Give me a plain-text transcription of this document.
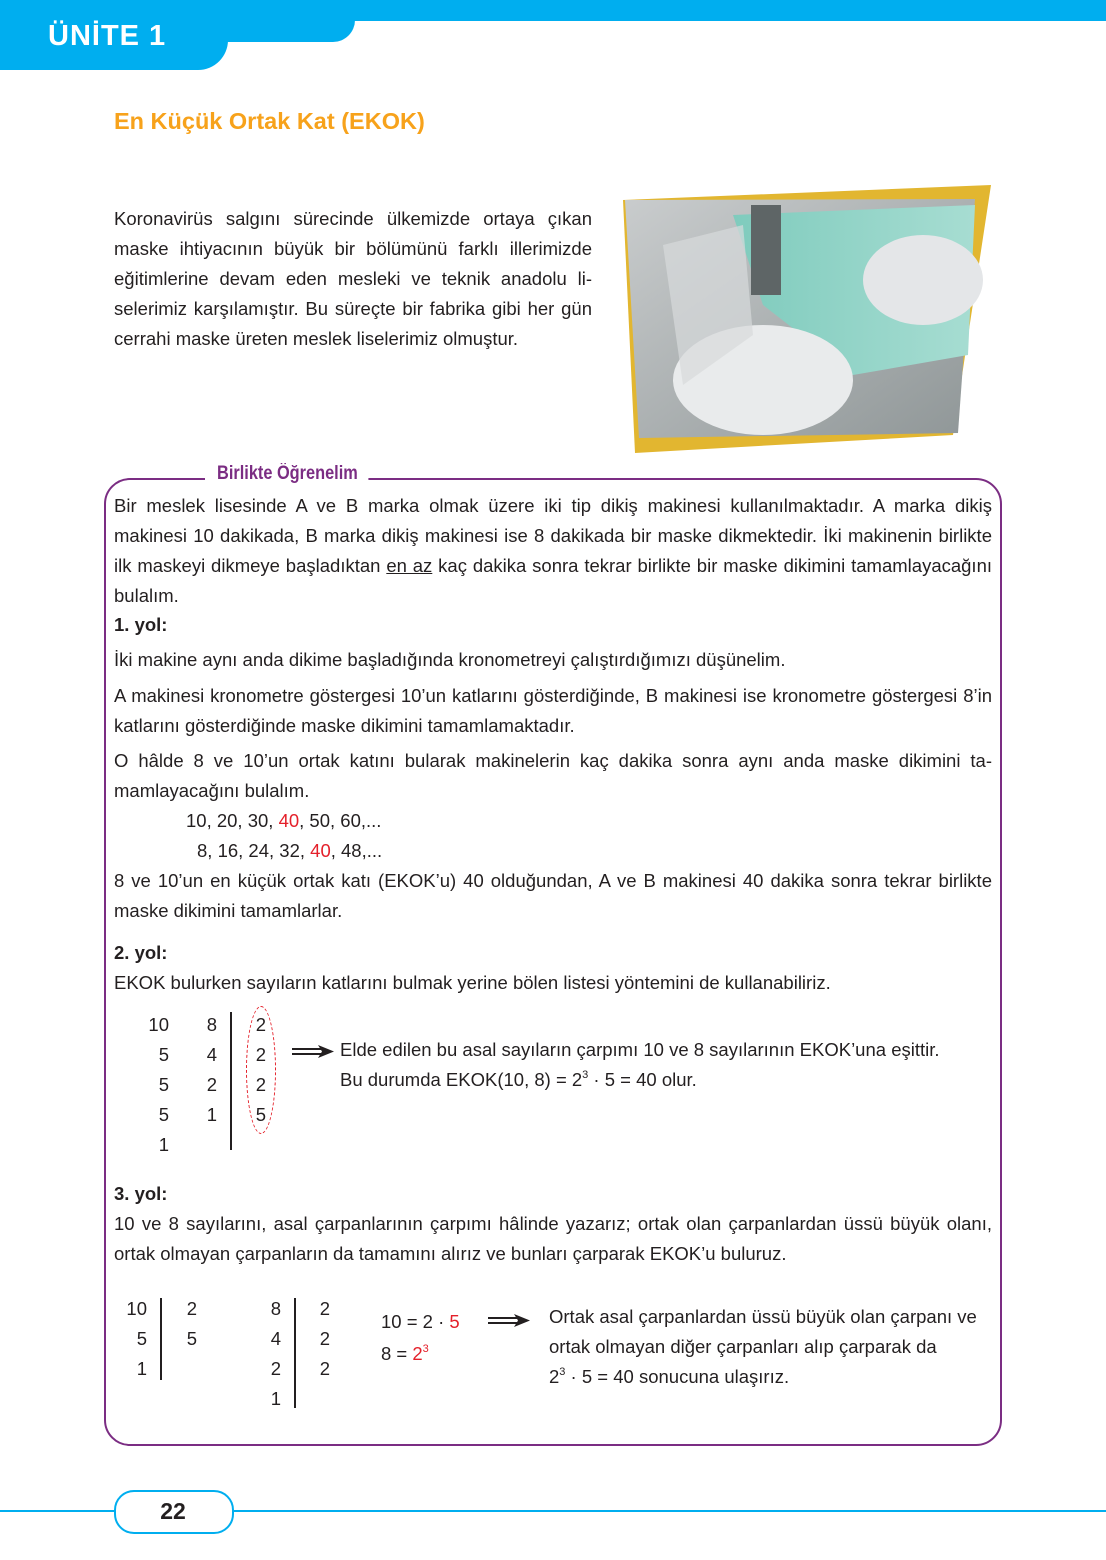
ÜNİTE 1
En Küçük Ortak Kat (EKOK)
Koronavirüs salgını sürecinde ülkemizde ortaya çıkan maske ihtiyacının büyük bir bölümünü farklı illerimizde eğitimlerine devam eden mesleki ve teknik anadolu li-selerimiz karşılamıştır. Bu süreçte bir fabrika gibi her gün cerrahi maske üreten meslek liselerimiz olmuştur.
Birlikte Öğrenelim
Bir meslek lisesinde A ve B marka olmak üzere iki tip dikiş makinesi kullanılmaktadır. A marka dikiş makinesi 10 dakikada, B marka dikiş makinesi ise 8 dakikada bir maske dikmektedir. İki makinenin birlikte ilk maskeyi dikmeye başladıktan en az kaç dakika sonra tekrar birlikte bir maske dikimini tamamlayacağını bulalım.
1. yol:
İki makine aynı anda dikime başladığında kronometreyi çalıştırdığımızı düşünelim.
A makinesi kronometre göstergesi 10’un katlarını gösterdiğinde, B makinesi ise kronometre göstergesi 8’in katlarını gösterdiğinde maske dikimini tamamlamaktadır.
O hâlde 8 ve 10’un ortak katını bularak makinelerin kaç dakika sonra aynı anda maske dikimini ta-mamlayacağını bulalım.
10, 20, 30, 40, 50, 60,...
8, 16, 24, 32, 40, 48,...
8 ve 10’un en küçük ortak katı (EKOK’u) 40 olduğundan, A ve B makinesi 40 dakika sonra tekrar birlikte maske dikimini tamamlarlar.
2. yol:
EKOK bulurken sayıların katlarını bulmak yerine bölen listesi yöntemini de kullanabiliriz.
10
5
5
5
1
8
4
2
1
2
2
2
5
Elde edilen bu asal sayıların çarpımı 10 ve 8 sayılarının EKOK’una eşittir.
Bu durumda EKOK(10, $8) = 2^3 \cdot 5 = 40$ olur.
3. yol:
10 ve 8 sayılarını, asal çarpanlarının çarpımı hâlinde yazarız; ortak olan çarpanlardan üssü büyük olanı, ortak olmayan çarpanların da tamamını alırız ve bunları çarparak EKOK’u buluruz.
10
5
1
2
5
8
4
2
1
2
2
2
10 = 2 · 5
$8 = 2^3$
Ortak asal çarpanlardan üssü büyük olan çarpanı ve
ortak olmayan diğer çarpanları alıp çarparak da
$2^3 \cdot 5 = 40$ sonucuna ulaşırız.
22
